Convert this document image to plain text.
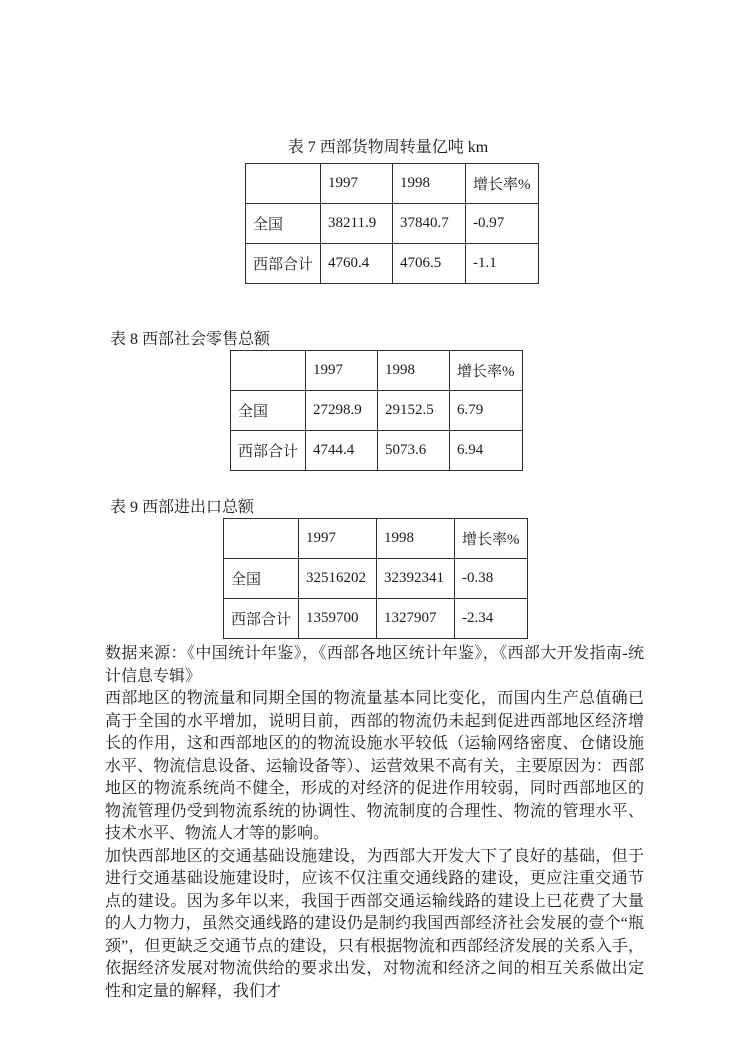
表 7 西部货物周转量亿吨 km
	1997	1998	增长率%
全国	38211.9	37840.7	-0.97
西部合计	4760.4	4706.5	-1.1
表 8 西部社会零售总额
	1997	1998	增长率%
全国	27298.9	29152.5	6.79
西部合计	4744.4	5073.6	6.94
表 9 西部进出口总额
	1997	1998	增长率%
全国	32516202	32392341	-0.38
西部合计	1359700	1327907	-2.34

数据来源：《中国统计年鉴》，《西部各地区统计年鉴》，《西部大开发指南-统计信息专辑》

西部地区的物流量和同期全国的物流量基本同比变化，而国内生产总值确已高于全国的水平增加，说明目前，西部的物流仍未起到促进西部地区经济增长的作用，这和西部地区的的物流设施水平较低（运输网络密度、仓储设施水平、物流信息设备、运输设备等）、运营效果不高有关，主要原因为：西部地区的物流系统尚不健全，形成的对经济的促进作用较弱，同时西部地区的物流管理仍受到物流系统的协调性、物流制度的合理性、物流的管理水平、技术水平、物流人才等的影响。

加快西部地区的交通基础设施建设，为西部大开发大下了良好的基础，但于进行交通基础设施建设时，应该不仅注重交通线路的建设，更应注重交通节点的建设。因为多年以来，我国于西部交通运输线路的建设上已花费了大量的人力物力，虽然交通线路的建设仍是制约我国西部经济社会发展的壹个“瓶颈”，但更缺乏交通节点的建设，只有根据物流和西部经济发展的关系入手，依据经济发展对物流供给的要求出发，对物流和经济之间的相互关系做出定性和定量的解释，我们才
